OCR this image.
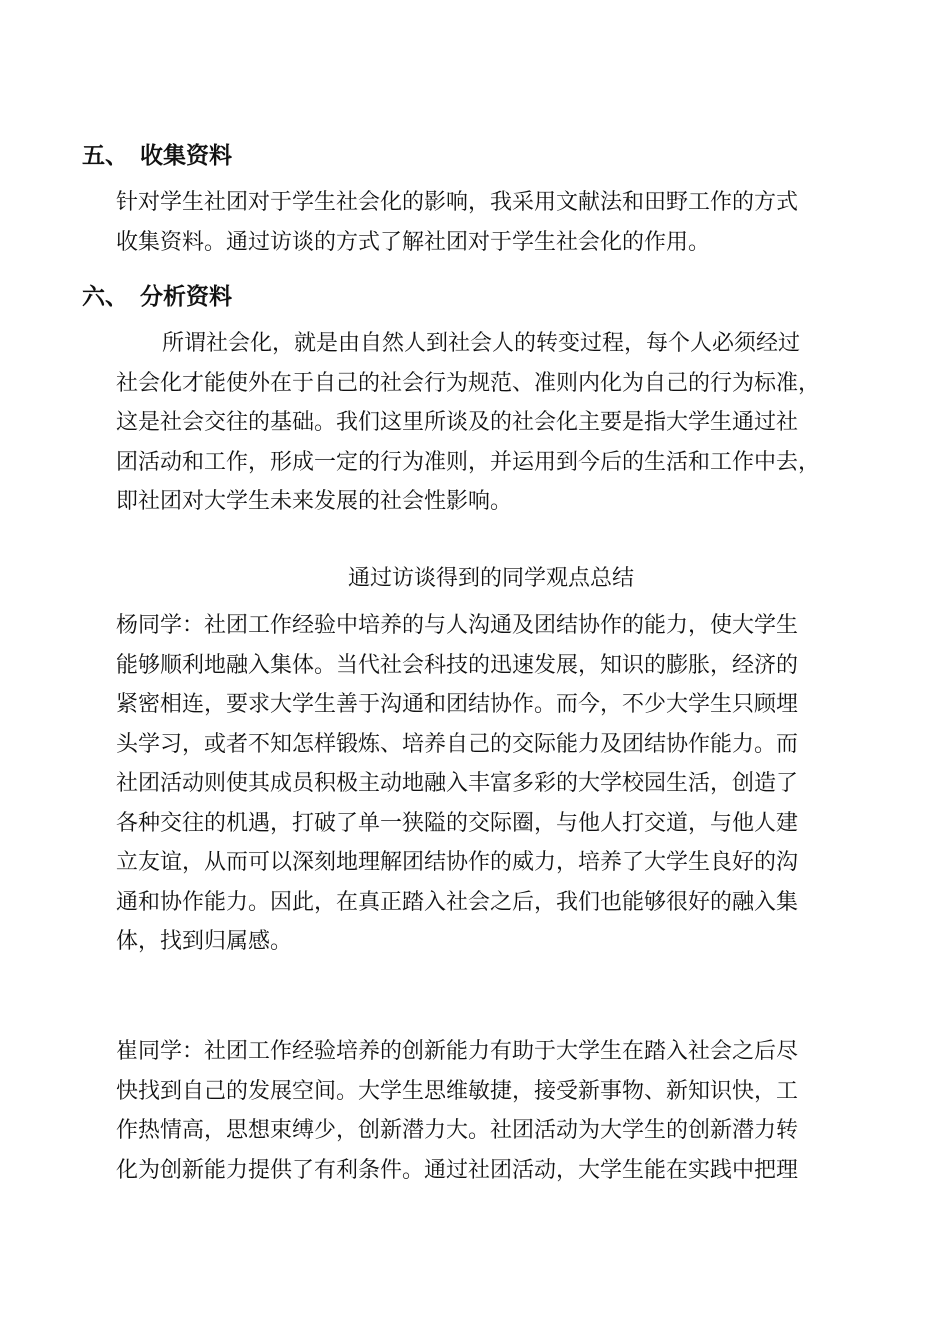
五、 收集资料
针对学生社团对于学生社会化的影响，我采用文献法和田野工作的方式
收集资料。通过访谈的方式了解社团对于学生社会化的作用。
六、 分析资料
所谓社会化，就是由自然人到社会人的转变过程，每个人必须经过
社会化才能使外在于自己的社会行为规范、准则内化为自己的行为标准，
这是社会交往的基础。我们这里所谈及的社会化主要是指大学生通过社
团活动和工作，形成一定的行为准则，并运用到今后的生活和工作中去，
即社团对大学生未来发展的社会性影响。
通过访谈得到的同学观点总结
杨同学：社团工作经验中培养的与人沟通及团结协作的能力，使大学生
能够顺利地融入集体。当代社会科技的迅速发展，知识的膨胀，经济的
紧密相连，要求大学生善于沟通和团结协作。而今，不少大学生只顾埋
头学习，或者不知怎样锻炼、培养自己的交际能力及团结协作能力。而
社团活动则使其成员积极主动地融入丰富多彩的大学校园生活，创造了
各种交往的机遇，打破了单一狭隘的交际圈，与他人打交道，与他人建
立友谊，从而可以深刻地理解团结协作的威力，培养了大学生良好的沟
通和协作能力。因此，在真正踏入社会之后，我们也能够很好的融入集
体，找到归属感。
崔同学：社团工作经验培养的创新能力有助于大学生在踏入社会之后尽
快找到自己的发展空间。大学生思维敏捷，接受新事物、新知识快，工
作热情高，思想束缚少，创新潜力大。社团活动为大学生的创新潜力转
化为创新能力提供了有利条件。通过社团活动，大学生能在实践中把理
